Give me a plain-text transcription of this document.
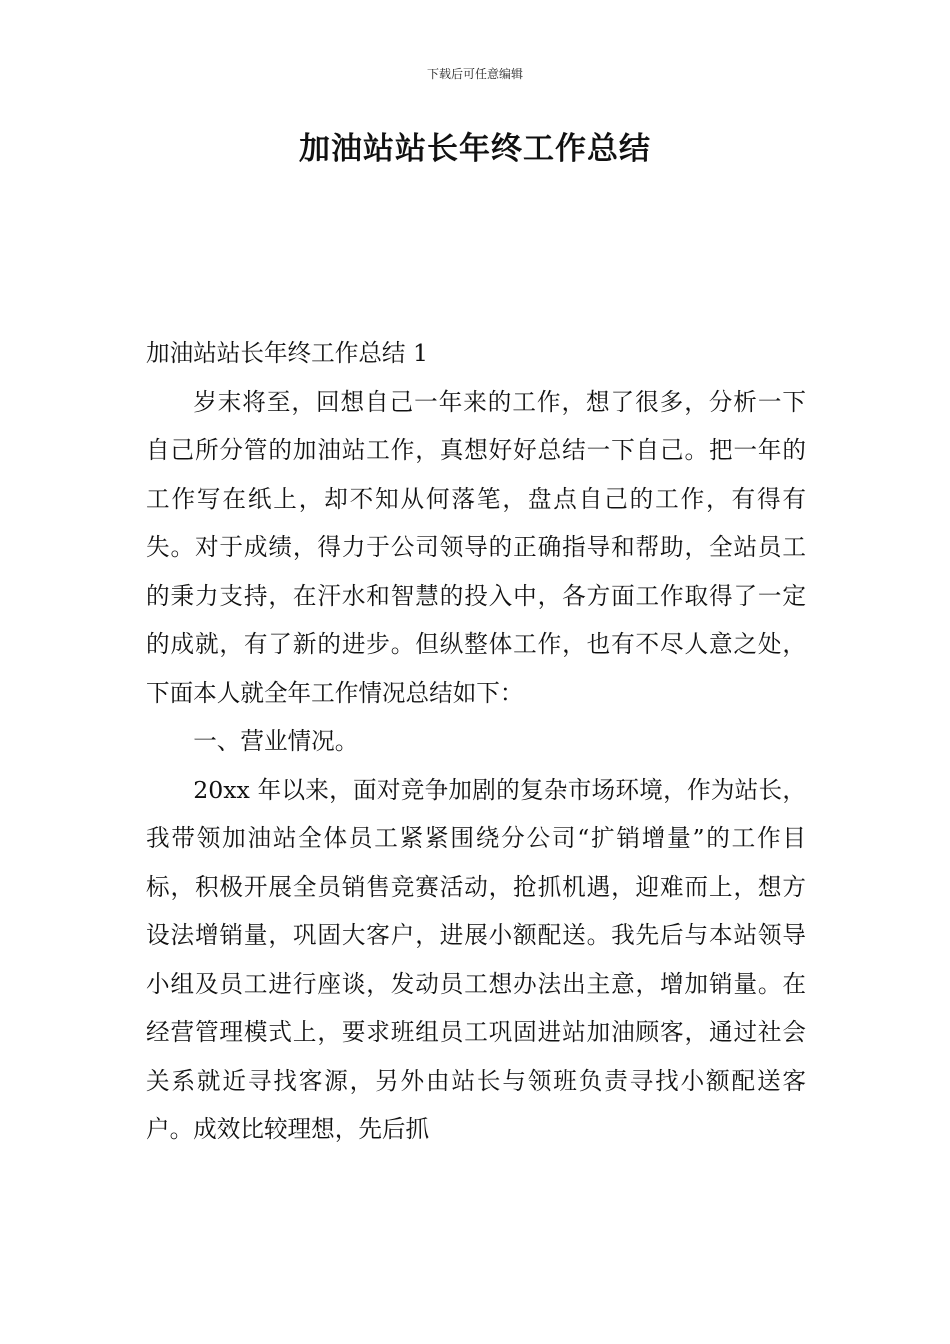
下载后可任意编辑
加油站站长年终工作总结

加油站站长年终工作总结 1

岁末将至，回想自己一年来的工作，想了很多，分析一下自己所分管的加油站工作，真想好好总结一下自己。把一年的工作写在纸上，却不知从何落笔，盘点自己的工作，有得有失。对于成绩，得力于公司领导的正确指导和帮助，全站员工的秉力支持，在汗水和智慧的投入中，各方面工作取得了一定的成就，有了新的进步。但纵整体工作，也有不尽人意之处，下面本人就全年工作情况总结如下：

一、营业情况。

20xx 年以来，面对竞争加剧的复杂市场环境，作为站长，我带领加油站全体员工紧紧围绕分公司“扩销增量”的工作目标，积极开展全员销售竞赛活动，抢抓机遇，迎难而上，想方设法增销量，巩固大客户，进展小额配送。我先后与本站领导小组及员工进行座谈，发动员工想办法出主意，增加销量。在经营管理模式上，要求班组员工巩固进站加油顾客，通过社会关系就近寻找客源，另外由站长与领班负责寻找小额配送客户。成效比较理想，先后抓
